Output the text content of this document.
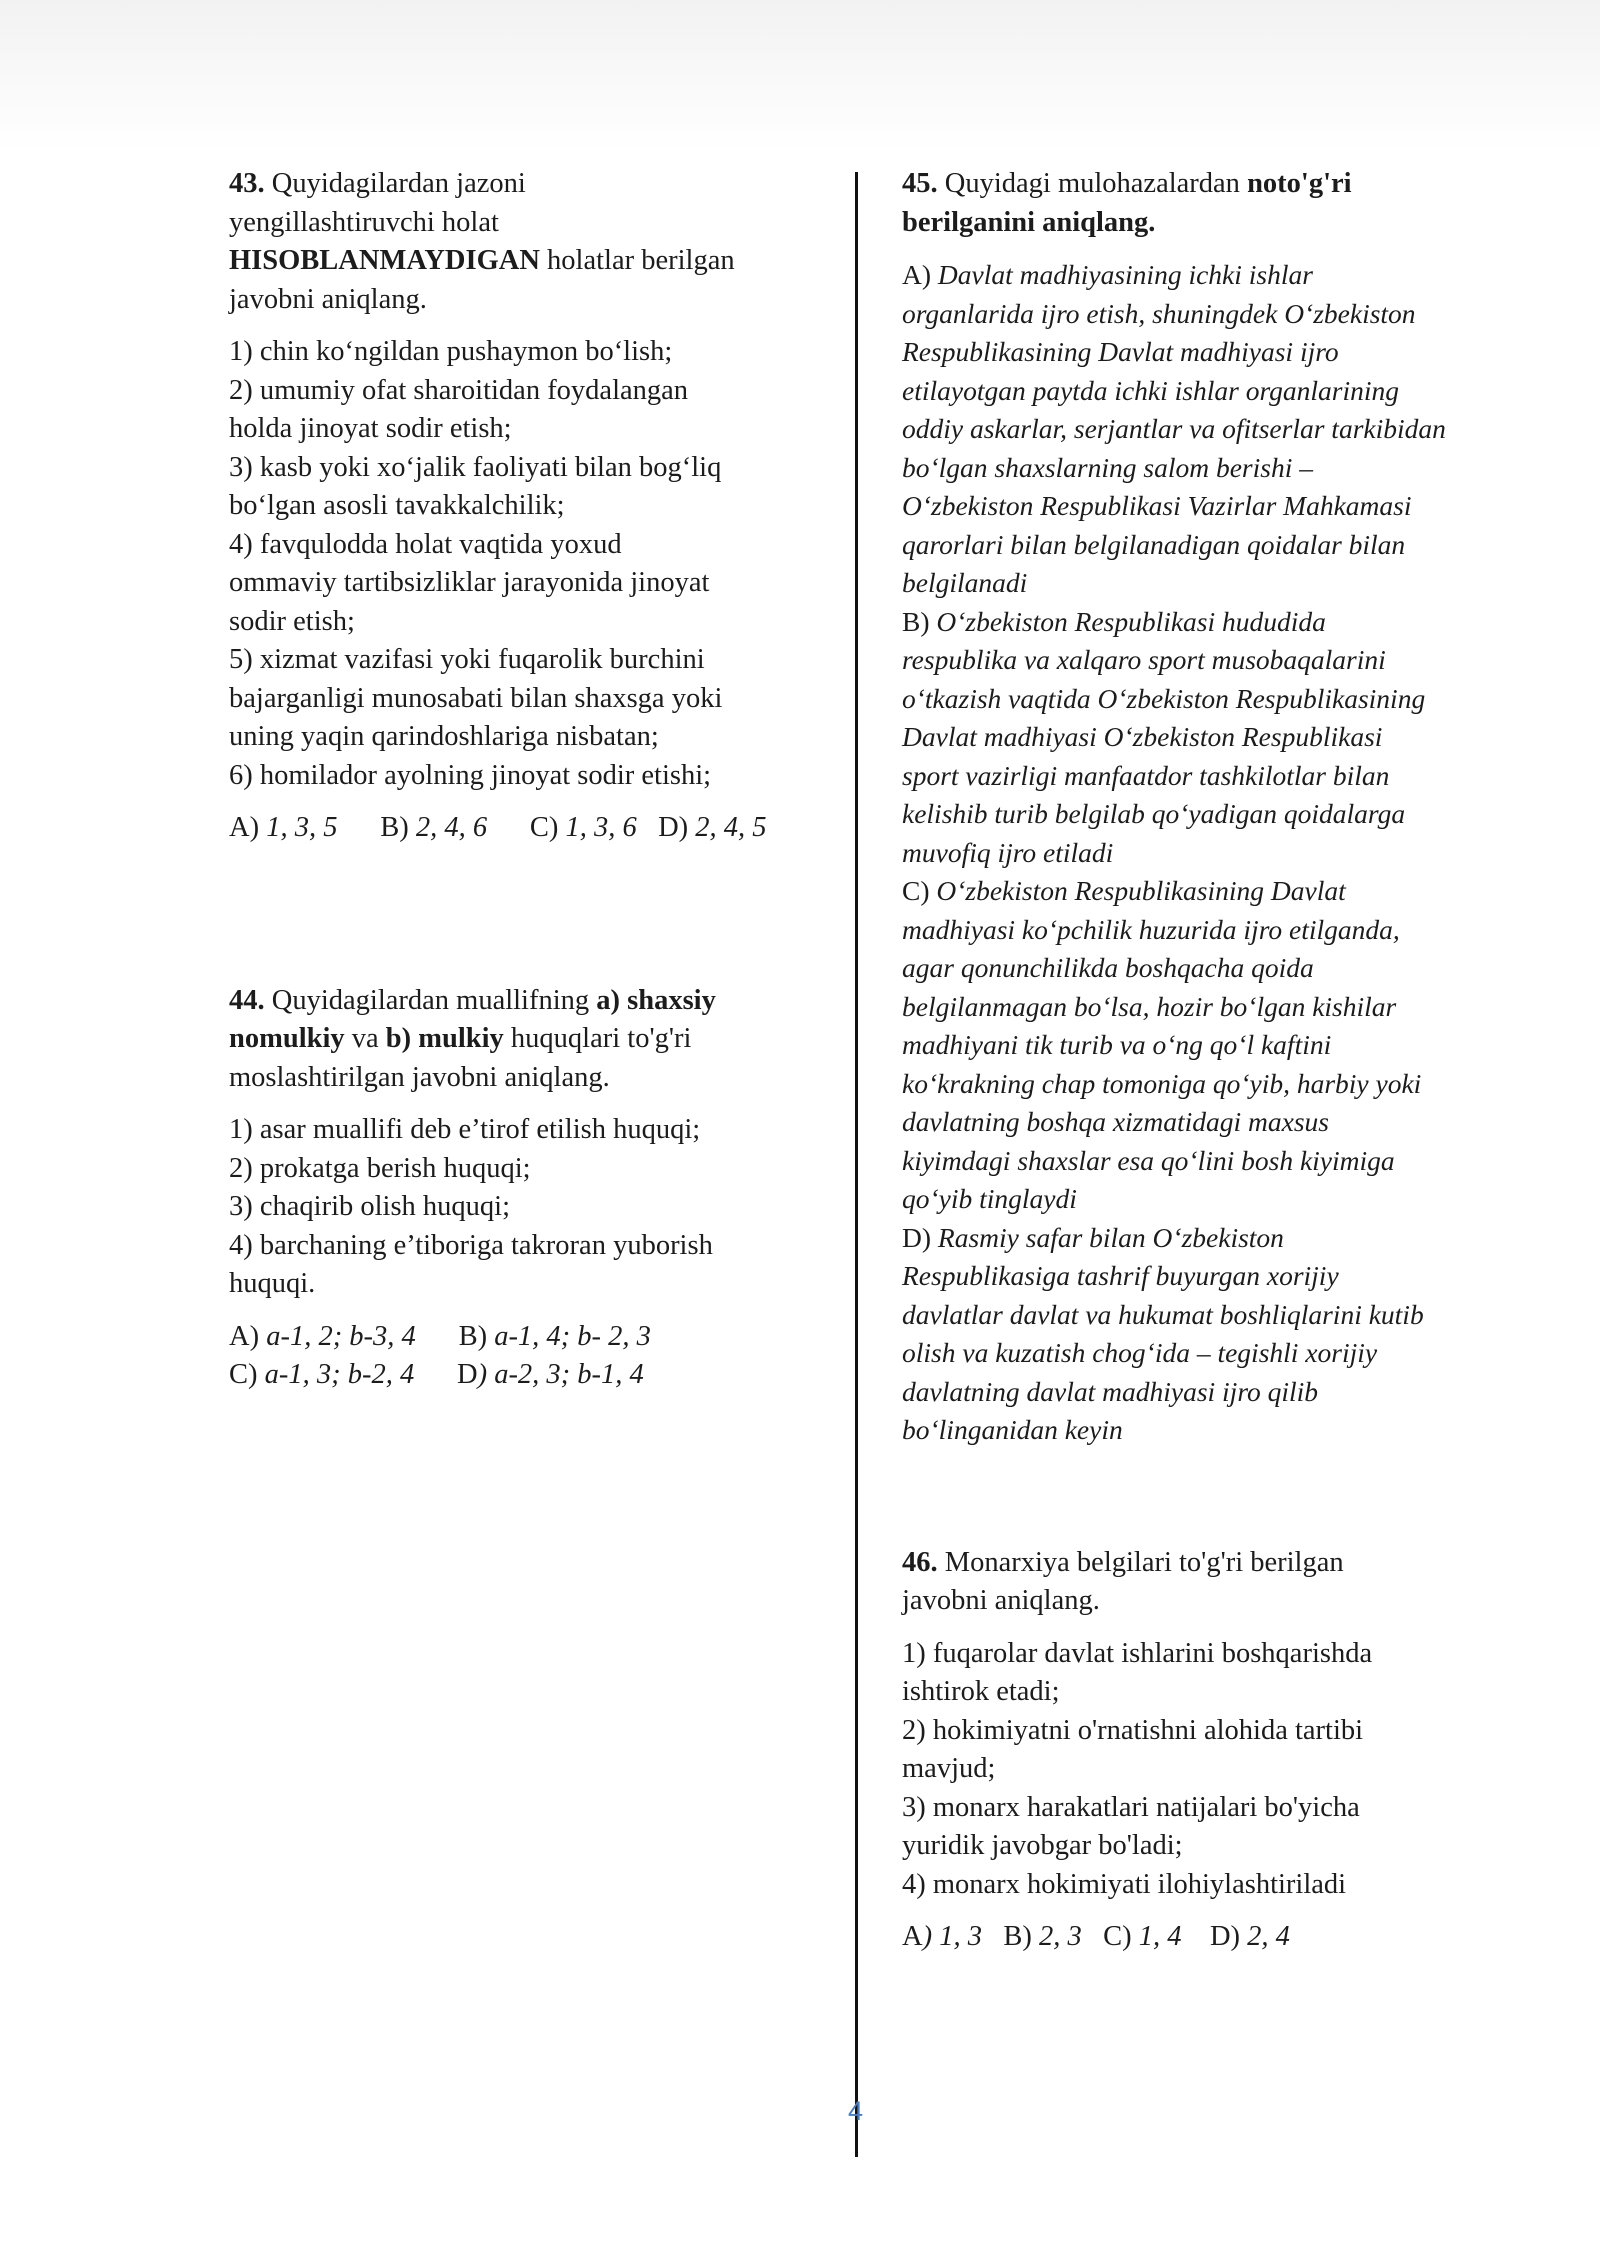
43. Quyidagilardan jazoni
yengillashtiruvchi holat
HISOBLANMAYDIGAN holatlar berilgan
javobni aniqlang.

1) chin ko‘ngildan pushaymon bo‘lish;
2) umumiy ofat sharoitidan foydalangan
holda jinoyat sodir etish;
3) kasb yoki xo‘jalik faoliyati bilan bog‘liq
bo‘lgan asosli tavakkalchilik;
4) favqulodda holat vaqtida yoxud
ommaviy tartibsizliklar jarayonida jinoyat
sodir etish;
5) xizmat vazifasi yoki fuqarolik burchini
bajarganligi munosabati bilan shaxsga yoki
uning yaqin qarindoshlariga nisbatan;
6) homilador ayolning jinoyat sodir etishi;
A) 1, 3, 5 B) 2, 4, 6 C) 1, 3, 6 D) 2, 4, 5

44. Quyidagilardan muallifning a) shaxsiy
nomulkiy va b) mulkiy huquqlari to'g'ri
moslashtirilgan javobni aniqlang.

1) asar muallifi deb e’tirof etilish huquqi;
2) prokatga berish huquqi;
3) chaqirib olish huquqi;
4) barchaning e’tiboriga takroran yuborish
huquqi.
A) a-1, 2; b-3, 4 B) a-1, 4; b- 2, 3
C) a-1, 3; b-2, 4 D) a-2, 3; b-1, 4

45. Quyidagi mulohazalardan noto'g'ri
berilganini aniqlang.

A) Davlat madhiyasining ichki ishlar
organlarida ijro etish, shuningdek O‘zbekiston
Respublikasining Davlat madhiyasi ijro
etilayotgan paytda ichki ishlar organlarining
oddiy askarlar, serjantlar va ofitserlar tarkibidan
bo‘lgan shaxslarning salom berishi –
O‘zbekiston Respublikasi Vazirlar Mahkamasi
qarorlari bilan belgilanadigan qoidalar bilan
belgilanadi
B) O‘zbekiston Respublikasi hududida
respublika va xalqaro sport musobaqalarini
o‘tkazish vaqtida O‘zbekiston Respublikasining
Davlat madhiyasi O‘zbekiston Respublikasi
sport vazirligi manfaatdor tashkilotlar bilan
kelishib turib belgilab qo‘yadigan qoidalarga
muvofiq ijro etiladi
C) O‘zbekiston Respublikasining Davlat
madhiyasi ko‘pchilik huzurida ijro etilganda,
agar qonunchilikda boshqacha qoida
belgilanmagan bo‘lsa, hozir bo‘lgan kishilar
madhiyani tik turib va o‘ng qo‘l kaftini
ko‘krakning chap tomoniga qo‘yib, harbiy yoki
davlatning boshqa xizmatidagi maxsus
kiyimdagi shaxslar esa qo‘lini bosh kiyimiga
qo‘yib tinglaydi
D) Rasmiy safar bilan O‘zbekiston
Respublikasiga tashrif buyurgan xorijiy
davlatlar davlat va hukumat boshliqlarini kutib
olish va kuzatish chog‘ida – tegishli xorijiy
davlatning davlat madhiyasi ijro qilib
bo‘linganidan keyin

46. Monarxiya belgilari to'g'ri berilgan
javobni aniqlang.

1) fuqarolar davlat ishlarini boshqarishda
ishtirok etadi;
2) hokimiyatni o'rnatishni alohida tartibi
mavjud;
3) monarx harakatlari natijalari bo'yicha
yuridik javobgar bo'ladi;
4) monarx hokimiyati ilohiylashtiriladi
A) 1, 3 B) 2, 3 C) 1, 4 D) 2, 4
4
